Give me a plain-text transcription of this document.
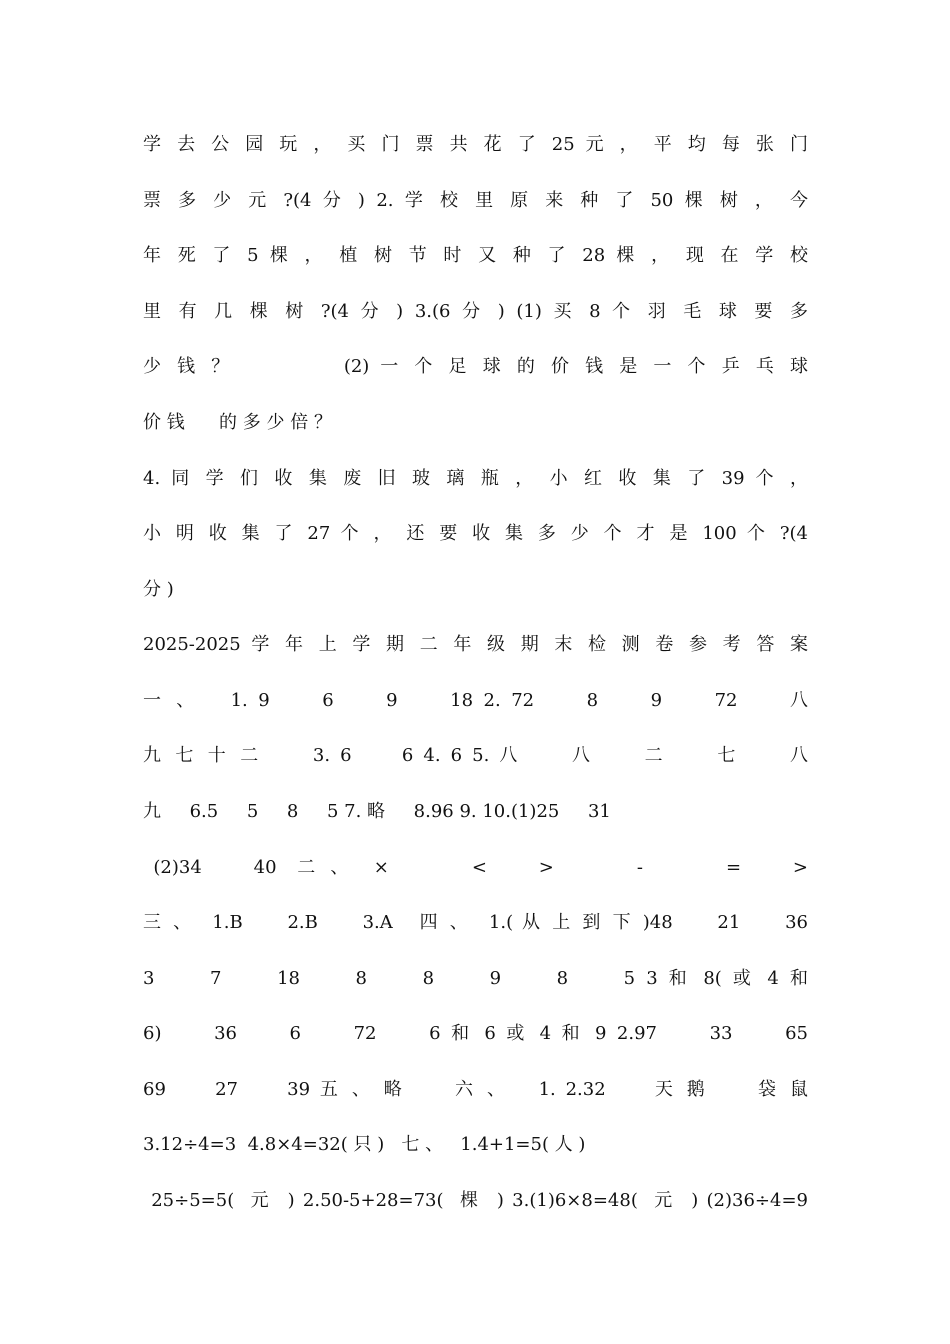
学 去 公 园 玩 ， 买 门 票 共 花 了 25 元 ， 平 均 每 张 门
票 多 少 元 ?(4 分 ) 2. 学 校 里 原 来 种 了 50 棵 树 ， 今
年 死 了 5 棵 ， 植 树 节 时 又 种 了 28 棵 ， 现 在 学 校
里 有 几 棵 树 ?(4 分 ) 3.(6 分 ) (1) 买 8 个 羽 毛 球 要 多
少 钱 ？          (2) 一 个 足 球 的 价 钱 是 一 个 乒 乓 球
价 钱      的 多 少 倍 ？
4. 同 学 们 收 集 废 旧 玻 璃 瓶 ， 小 红 收 集 了 39 个 ，
小 明 收 集 了 27 个 ， 还 要 收 集 多 少 个 才 是 100 个 ?(4
分 )
2025-2025 学 年 上 学 期 二 年 级 期 末 检 测 卷 参 考 答 案
一 、   1. 9     6     9     18 2. 72     8     9     72     八
九 七 十 二     3. 6     6 4. 6 5. 八     八     二     七     八
九     6.5     5     8     5 7. 略     8.96 9. 10.(1)25     31
(2)34     40  二 、  ×        <     >        -        =     >
三 、  1.B     2.B     3.A   四 、  1.( 从 上 到 下 )48     21     36
3     7     18     8     8     9     8     5 3 和 8( 或 4 和
6)     36     6     72     6 和 6 或 4 和 9 2.97     33     65
69     27     39 五 、 略     六 、   1. 2.32     天 鹅     袋 鼠
3.12÷4=3  4.8×4=32( 只 )   七 、   1.4+1=5( 人 )
25÷5=5(  元  ) 2.50-5+28=73(  棵  ) 3.(1)6×8=48(  元  ) (2)36÷4=9
